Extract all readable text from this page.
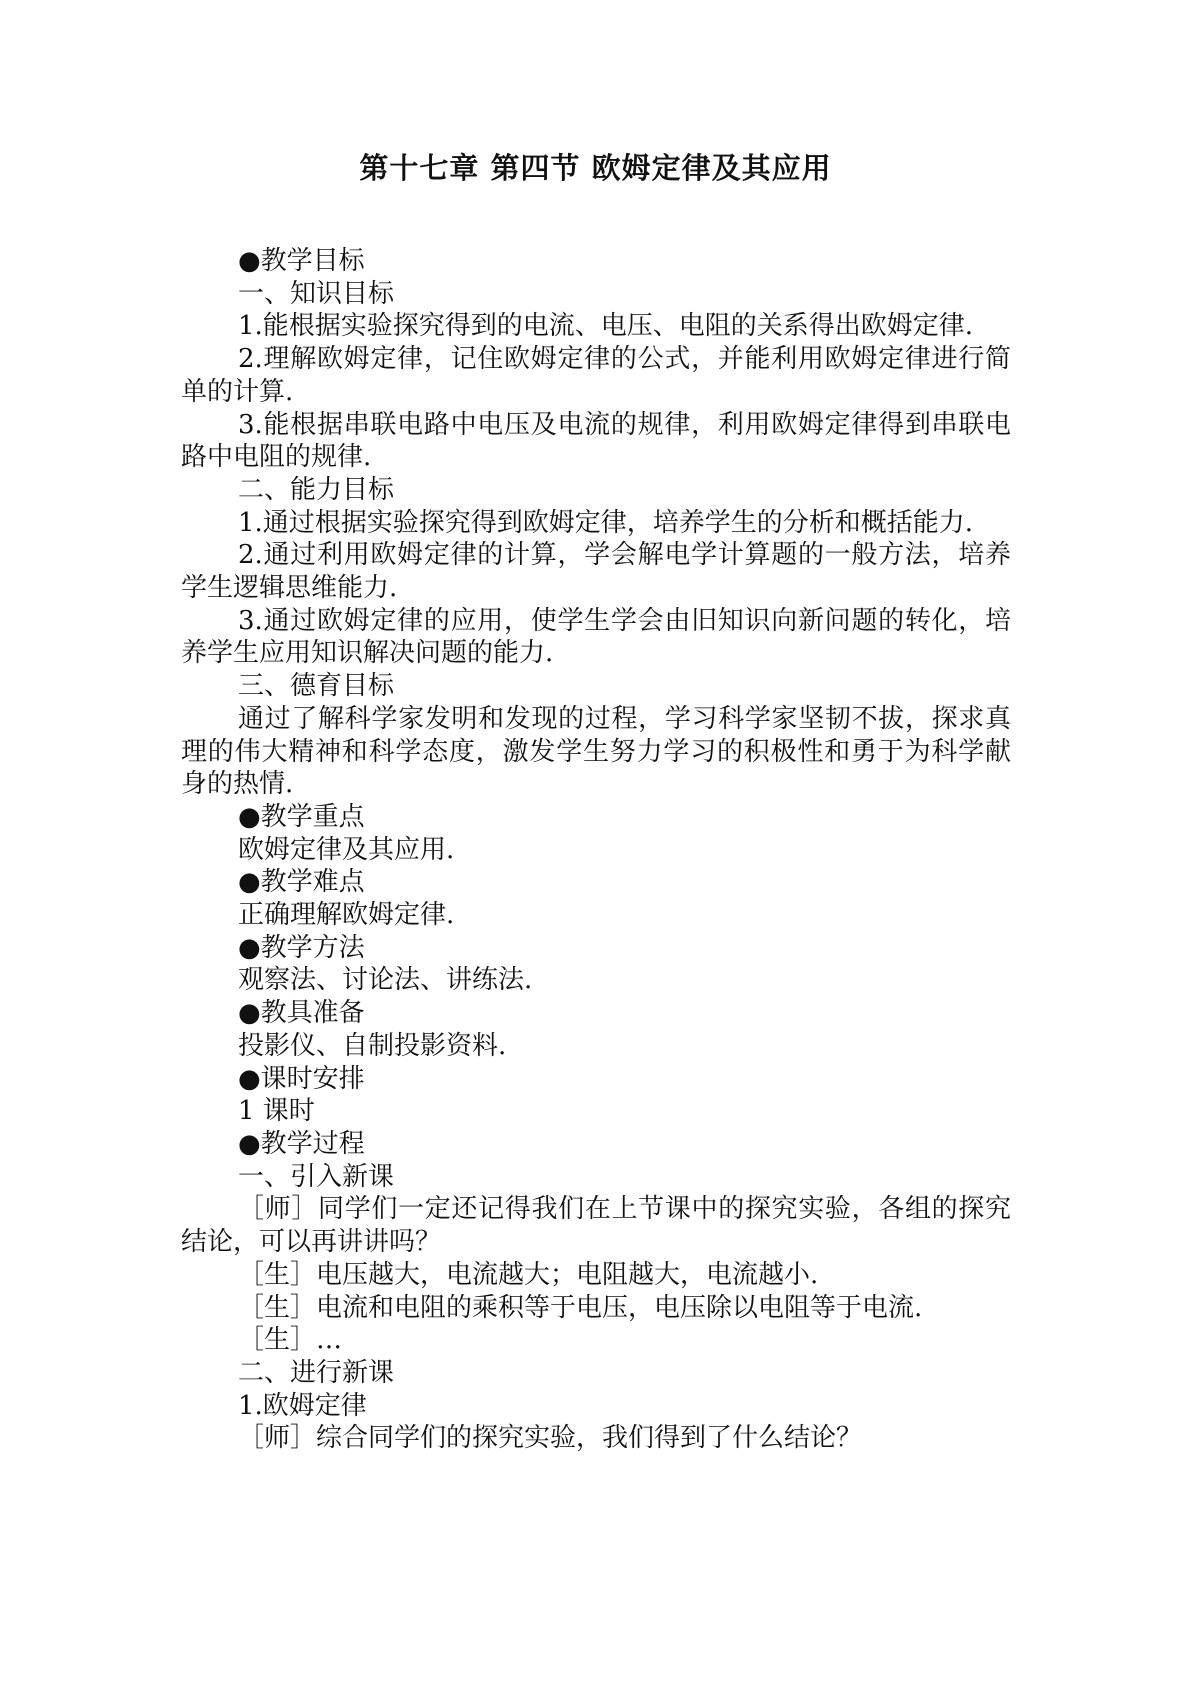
第十七章 第四节 欧姆定律及其应用

●教学目标

一、知识目标

1.能根据实验探究得到的电流、电压、电阻的关系得出欧姆定律.

2.理解欧姆定律，记住欧姆定律的公式，并能利用欧姆定律进行简单的计算.

3.能根据串联电路中电压及电流的规律，利用欧姆定律得到串联电路中电阻的规律.

二、能力目标

1.通过根据实验探究得到欧姆定律，培养学生的分析和概括能力.

2.通过利用欧姆定律的计算，学会解电学计算题的一般方法，培养学生逻辑思维能力.

3.通过欧姆定律的应用，使学生学会由旧知识向新问题的转化，培养学生应用知识解决问题的能力.

三、德育目标

通过了解科学家发明和发现的过程，学习科学家坚韧不拔，探求真理的伟大精神和科学态度，激发学生努力学习的积极性和勇于为科学献身的热情.

●教学重点

欧姆定律及其应用.

●教学难点

正确理解欧姆定律.

●教学方法

观察法、讨论法、讲练法.

●教具准备

投影仪、自制投影资料.

●课时安排

1 课时

●教学过程

一、引入新课

［师］同学们一定还记得我们在上节课中的探究实验，各组的探究结论，可以再讲讲吗？

［生］电压越大，电流越大；电阻越大，电流越小.

［生］电流和电阻的乘积等于电压，电压除以电阻等于电流.

［生］…

二、进行新课

1.欧姆定律

［师］综合同学们的探究实验，我们得到了什么结论？
